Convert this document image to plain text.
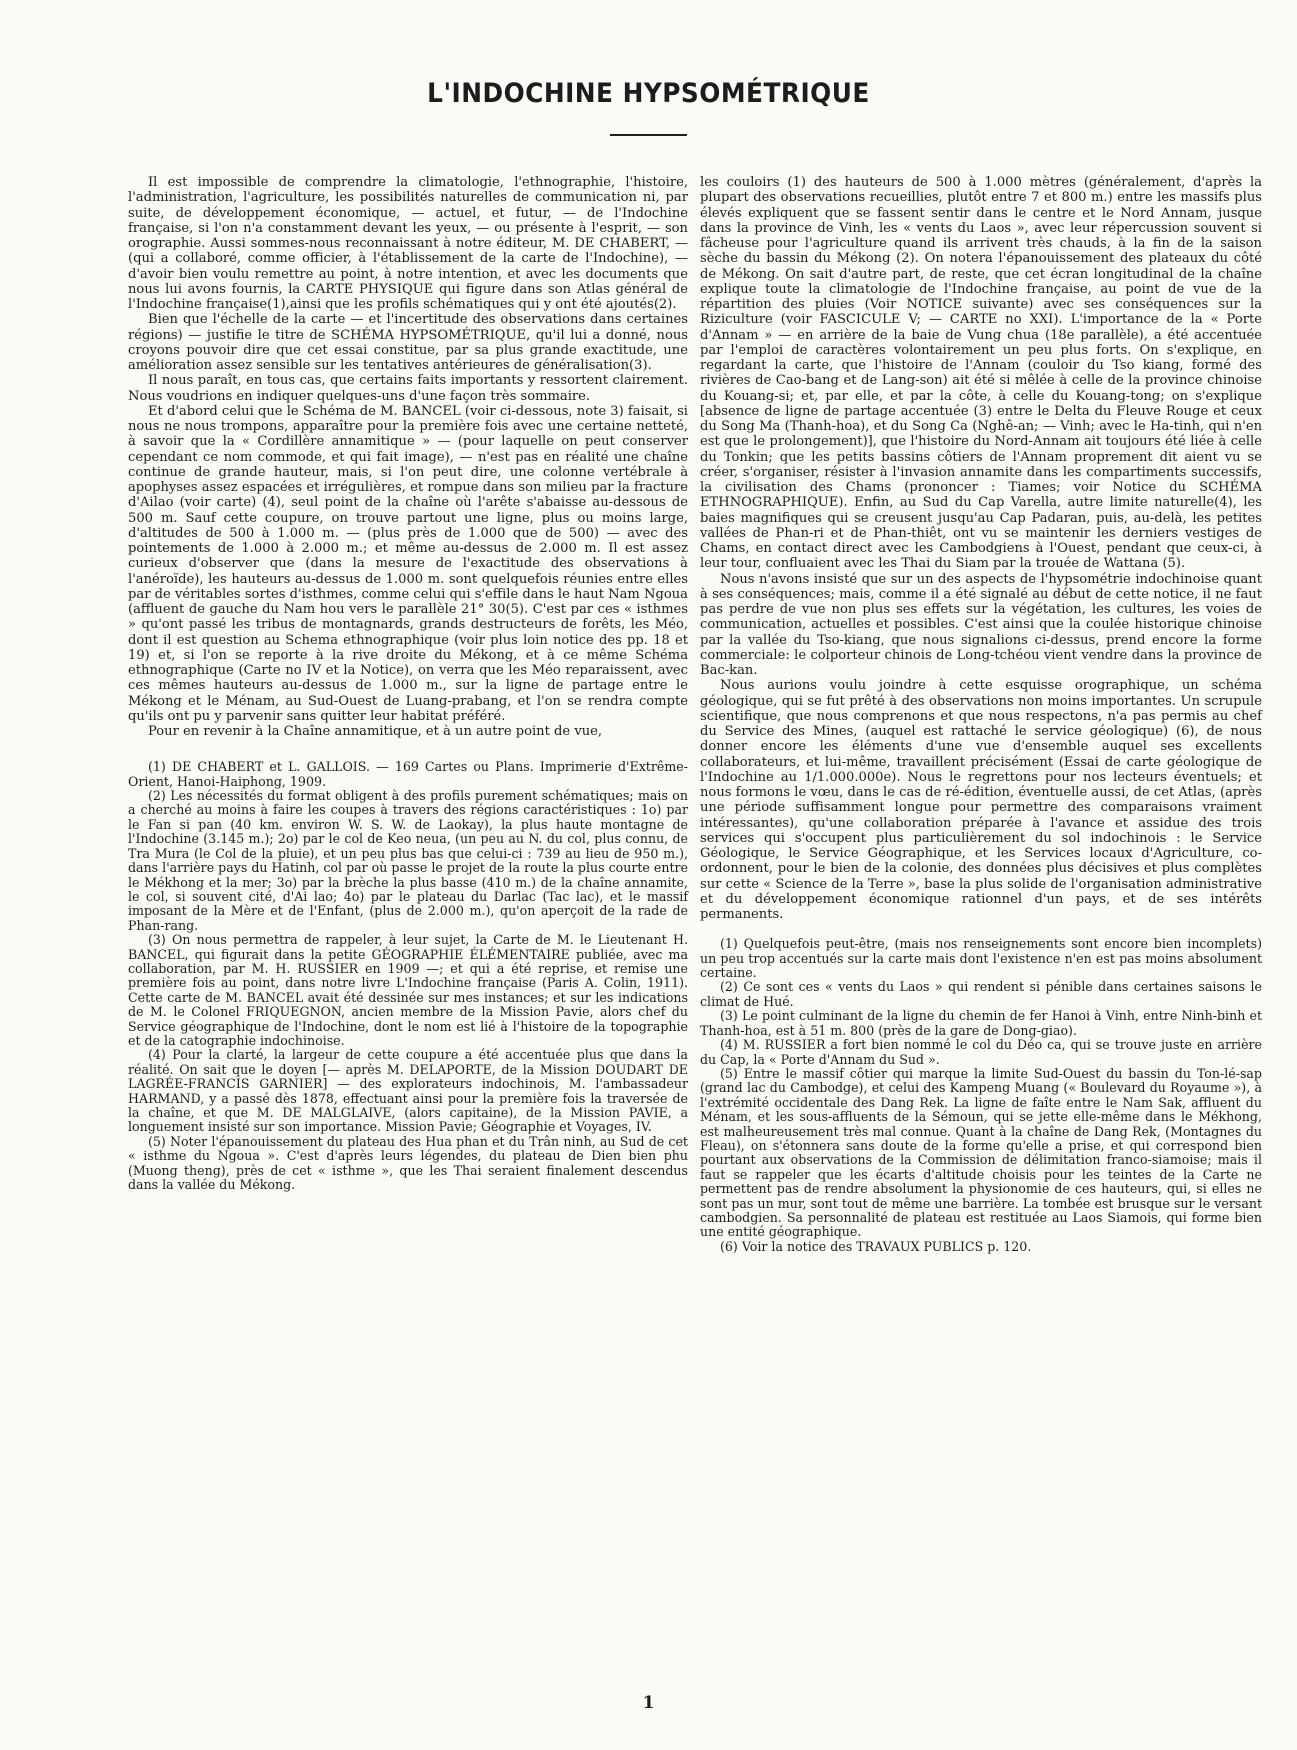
L'INDOCHINE HYPSOMÉTRIQUE

Il est impossible de comprendre la climatologie, l'ethnographie, l'histoire, l'administration, l'agriculture, les possibilités naturelles de communication ni, par suite, de développement économique, — actuel, et futur, — de l'Indochine française, si l'on n'a constamment devant les yeux, — ou présente à l'esprit, — son orographie. Aussi sommes-nous reconnaissant à notre éditeur, M. DE CHABERT, — (qui a collaboré, comme officier, à l'établissement de la carte de l'Indochine), — d'avoir bien voulu remettre au point, à notre intention, et avec les documents que nous lui avons fournis, la CARTE PHYSIQUE qui figure dans son Atlas général de l'Indochine française(1),ainsi que les profils schématiques qui y ont été ajoutés(2).

Bien que l'échelle de la carte — et l'incertitude des observations dans certaines régions) — justifie le titre de SCHÉMA HYPSOMÉTRIQUE, qu'il lui a donné, nous croyons pouvoir dire que cet essai constitue, par sa plus grande exactitude, une amélioration assez sensible sur les tentatives antérieures de généralisation(3).

Il nous paraît, en tous cas, que certains faits importants y ressortent clairement. Nous voudrions en indiquer quelques-uns d'une façon très sommaire.

Et d'abord celui que le Schéma de M. BANCEL (voir ci-dessous, note 3) faisait, si nous ne nous trompons, apparaître pour la première fois avec une certaine netteté, à savoir que la « Cordillère annamitique » — (pour laquelle on peut conserver cependant ce nom commode, et qui fait image), — n'est pas en réalité une chaîne continue de grande hauteur, mais, si l'on peut dire, une colonne vertébrale à apophyses assez espacées et irrégulières, et rompue dans son milieu par la fracture d'Ailao (voir carte) (4), seul point de la chaîne où l'arête s'abaisse au-dessous de 500 m. Sauf cette coupure, on trouve partout une ligne, plus ou moins large, d'altitudes de 500 à 1.000 m. — (plus près de 1.000 que de 500) — avec des pointements de 1.000 à 2.000 m.; et même au-dessus de 2.000 m. Il est assez curieux d'observer que (dans la mesure de l'exactitude des observations à l'anéroïde), les hauteurs au-dessus de 1.000 m. sont quelquefois réunies entre elles par de véritables sortes d'isthmes, comme celui qui s'effile dans le haut Nam Ngoua (affluent de gauche du Nam hou vers le parallèle 21° 30(5). C'est par ces « isthmes » qu'ont passé les tribus de montagnards, grands destructeurs de forêts, les Méo, dont il est question au Schema ethnographique (voir plus loin notice des pp. 18 et 19) et, si l'on se reporte à la rive droite du Mékong, et à ce même Schéma ethnographique (Carte no IV et la Notice), on verra que les Méo reparaissent, avec ces mêmes hauteurs au-dessus de 1.000 m., sur la ligne de partage entre le Mékong et le Ménam, au Sud-Ouest de Luang-prabang, et l'on se rendra compte qu'ils ont pu y parvenir sans quitter leur habitat préféré.

Pour en revenir à la Chaîne annamitique, et à un autre point de vue,

(1) DE CHABERT et L. GALLOIS. — 169 Cartes ou Plans. Imprimerie d'Extrême-Orient, Hanoi-Haiphong, 1909.

(2) Les nécessités du format obligent à des profils purement schématiques; mais on a cherché au moins à faire les coupes à travers des régions caractéristiques : 1o) par le Fan si pan (40 km. environ W. S. W. de Laokay), la plus haute montagne de l'Indochine (3.145 m.); 2o) par le col de Keo neua, (un peu au N. du col, plus connu, de Tra Mura (le Col de la pluie), et un peu plus bas que celui-ci : 739 au lieu de 950 m.), dans l'arrière pays du Hatinh, col par où passe le projet de la route la plus courte entre le Mékhong et la mer; 3o) par la brèche la plus basse (410 m.) de la chaîne annamite, le col, si souvent cité, d'Ai lao; 4o) par le plateau du Darlac (Tac lac), et le massif imposant de la Mère et de l'Enfant, (plus de 2.000 m.), qu'on aperçoit de la rade de Phan-rang.

(3) On nous permettra de rappeler, à leur sujet, la Carte de M. le Lieutenant H. BANCEL, qui figurait dans la petite GÉOGRAPHIE ÉLÉMENTAIRE publiée, avec ma collaboration, par M. H. RUSSIER en 1909 —; et qui a été reprise, et remise une première fois au point, dans notre livre L'Indochine française (Paris A. Colin, 1911). Cette carte de M. BANCEL avait été dessinée sur mes instances; et sur les indications de M. le Colonel FRIQUEGNON, ancien membre de la Mission Pavie, alors chef du Service géographique de l'Indochine, dont le nom est lié à l'histoire de la topographie et de la catographie indochinoise.

(4) Pour la clarté, la largeur de cette coupure a été accentuée plus que dans la réalité. On sait que le doyen [— après M. DELAPORTE, de la Mission DOUDART DE LAGRÉE-FRANCIS GARNIER] — des explorateurs indochinois, M. l'ambassadeur HARMAND, y a passé dès 1878, effectuant ainsi pour la première fois la traversée de la chaîne, et que M. DE MALGLAIVE, (alors capitaine), de la Mission PAVIE, a longuement insisté sur son importance. Mission Pavie; Géographie et Voyages, IV.

(5) Noter l'épanouissement du plateau des Hua phan et du Trân ninh, au Sud de cet « isthme du Ngoua ». C'est d'après leurs légendes, du plateau de Dien bien phu (Muong theng), près de cet « isthme », que les Thai seraient finalement descendus dans la vallée du Mékong.

les couloirs (1) des hauteurs de 500 à 1.000 mètres (généralement, d'après la plupart des observations recueillies, plutôt entre 7 et 800 m.) entre les massifs plus élevés expliquent que se fassent sentir dans le centre et le Nord Annam, jusque dans la province de Vinh, les « vents du Laos », avec leur répercussion souvent si fâcheuse pour l'agriculture quand ils arrivent très chauds, à la fin de la saison sèche du bassin du Mékong (2). On notera l'épanouissement des plateaux du côté de Mékong. On sait d'autre part, de reste, que cet écran longitudinal de la chaîne explique toute la climatologie de l'Indochine française, au point de vue de la répartition des pluies (Voir NOTICE suivante) avec ses conséquences sur la Riziculture (voir FASCICULE V; — CARTE no XXI). L'importance de la « Porte d'Annam » — en arrière de la baie de Vung chua (18e parallèle), a été accentuée par l'emploi de caractères volontairement un peu plus forts. On s'explique, en regardant la carte, que l'histoire de l'Annam (couloir du Tso kiang, formé des rivières de Cao-bang et de Lang-son) ait été si mêlée à celle de la province chinoise du Kouang-si; et, par elle, et par la côte, à celle du Kouang-tong; on s'explique [absence de ligne de partage accentuée (3) entre le Delta du Fleuve Rouge et ceux du Song Ma (Thanh-hoa), et du Song Ca (Nghê-an; — Vinh; avec le Ha-tinh, qui n'en est que le prolongement)], que l'histoire du Nord-Annam ait toujours été liée à celle du Tonkin; que les petits bassins côtiers de l'Annam proprement dit aient vu se créer, s'organiser, résister à l'invasion annamite dans les compartiments successifs, la civilisation des Chams (prononcer : Tiames; voir Notice du SCHÉMA ETHNOGRAPHIQUE). Enfin, au Sud du Cap Varella, autre limite naturelle(4), les baies magnifiques qui se creusent jusqu'au Cap Padaran, puis, au-delà, les petites vallées de Phan-ri et de Phan-thiêt, ont vu se maintenir les derniers vestiges de Chams, en contact direct avec les Cambodgiens à l'Ouest, pendant que ceux-ci, à leur tour, confluaient avec les Thai du Siam par la trouée de Wattana (5).

Nous n'avons insisté que sur un des aspects de l'hypsométrie indochinoise quant à ses conséquences; mais, comme il a été signalé au début de cette notice, il ne faut pas perdre de vue non plus ses effets sur la végétation, les cultures, les voies de communication, actuelles et possibles. C'est ainsi que la coulée historique chinoise par la vallée du Tso-kiang, que nous signalions ci-dessus, prend encore la forme commerciale: le colporteur chinois de Long-tchéou vient vendre dans la province de Bac-kan.

Nous aurions voulu joindre à cette esquisse orographique, un schéma géologique, qui se fut prêté à des observations non moins importantes. Un scrupule scientifique, que nous comprenons et que nous respectons, n'a pas permis au chef du Service des Mines, (auquel est rattaché le service géologique) (6), de nous donner encore les éléments d'une vue d'ensemble auquel ses excellents collaborateurs, et lui-même, travaillent précisément (Essai de carte géologique de l'Indochine au 1/1.000.000e). Nous le regrettons pour nos lecteurs éventuels; et nous formons le vœu, dans le cas de ré-édition, éventuelle aussi, de cet Atlas, (après une période suffisamment longue pour permettre des comparaisons vraiment intéressantes), qu'une collaboration préparée à l'avance et assidue des trois services qui s'occupent plus particulièrement du sol indochinois : le Service Géologique, le Service Géographique, et les Services locaux d'Agriculture, co-ordonnent, pour le bien de la colonie, des données plus décisives et plus complètes sur cette « Science de la Terre », base la plus solide de l'organisation administrative et du développement économique rationnel d'un pays, et de ses intérêts permanents.

(1) Quelquefois peut-être, (mais nos renseignements sont encore bien incomplets) un peu trop accentués sur la carte mais dont l'existence n'en est pas moins absolument certaine.

(2) Ce sont ces « vents du Laos » qui rendent si pénible dans certaines saisons le climat de Hué.

(3) Le point culminant de la ligne du chemin de fer Hanoi à Vinh, entre Ninh-binh et Thanh-hoa, est à 51 m. 800 (près de la gare de Dong-giao).

(4) M. RUSSIER a fort bien nommé le col du Déo ca, qui se trouve juste en arrière du Cap, la « Porte d'Annam du Sud ».

(5) Entre le massif côtier qui marque la limite Sud-Ouest du bassin du Ton-lé-sap (grand lac du Cambodge), et celui des Kampeng Muang (« Boulevard du Royaume »), à l'extrémité occidentale des Dang Rek. La ligne de faîte entre le Nam Sak, affluent du Ménam, et les sous-affluents de la Sémoun, qui se jette elle-même dans le Mékhong, est malheureusement très mal connue. Quant à la chaîne de Dang Rek, (Montagnes du Fleau), on s'étonnera sans doute de la forme qu'elle a prise, et qui correspond bien pourtant aux observations de la Commission de délimitation franco-siamoise; mais il faut se rappeler que les écarts d'altitude choisis pour les teintes de la Carte ne permettent pas de rendre absolument la physionomie de ces hauteurs, qui, si elles ne sont pas un mur, sont tout de même une barrière. La tombée est brusque sur le versant cambodgien. Sa personnalité de plateau est restituée au Laos Siamois, qui forme bien une entité géographique.

(6) Voir la notice des TRAVAUX PUBLICS p. 120.

1
